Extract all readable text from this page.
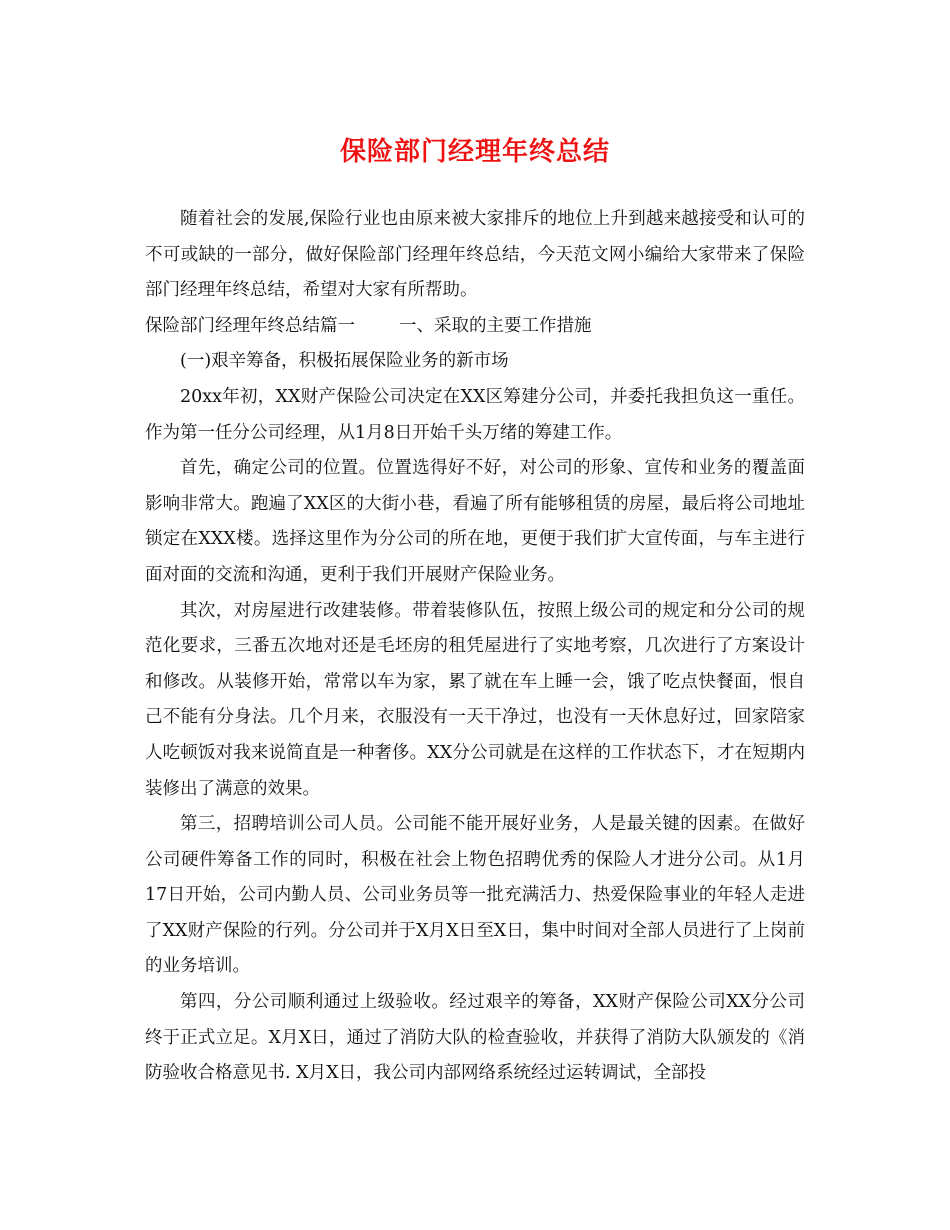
保险部门经理年终总结

随着社会的发展,保险行业也由原来被大家排斥的地位上升到越来越接受和认可的不可或缺的一部分，做好保险部门经理年终总结，今天范文网小编给大家带来了保险部门经理年终总结，希望对大家有所帮助。

保险部门经理年终总结篇一	一、采取的主要工作措施

(一)艰辛筹备，积极拓展保险业务的新市场

20xx年初，XX财产保险公司决定在XX区筹建分公司，并委托我担负这一重任。作为第一任分公司经理，从1月8日开始千头万绪的筹建工作。

首先，确定公司的位置。位置选得好不好，对公司的形象、宣传和业务的覆盖面影响非常大。跑遍了XX区的大街小巷，看遍了所有能够租赁的房屋，最后将公司地址锁定在XXX楼。选择这里作为分公司的所在地，更便于我们扩大宣传面，与车主进行面对面的交流和沟通，更利于我们开展财产保险业务。

其次，对房屋进行改建装修。带着装修队伍，按照上级公司的规定和分公司的规范化要求，三番五次地对还是毛坯房的租凭屋进行了实地考察，几次进行了方案设计和修改。从装修开始，常常以车为家，累了就在车上睡一会，饿了吃点快餐面，恨自己不能有分身法。几个月来，衣服没有一天干净过，也没有一天休息好过，回家陪家人吃顿饭对我来说简直是一种奢侈。XX分公司就是在这样的工作状态下，才在短期内装修出了满意的效果。

第三，招聘培训公司人员。公司能不能开展好业务，人是最关键的因素。在做好公司硬件筹备工作的同时，积极在社会上物色招聘优秀的保险人才进分公司。从1月17日开始，公司内勤人员、公司业务员等一批充满活力、热爱保险事业的年轻人走进了XX财产保险的行列。分公司并于X月X日至X日，集中时间对全部人员进行了上岗前的业务培训。

第四，分公司顺利通过上级验收。经过艰辛的筹备，XX财产保险公司XX分公司终于正式立足。X月X日，通过了消防大队的检查验收，并获得了消防大队颁发的《消防验收合格意见书. X月X日，我公司内部网络系统经过运转调试，全部投
